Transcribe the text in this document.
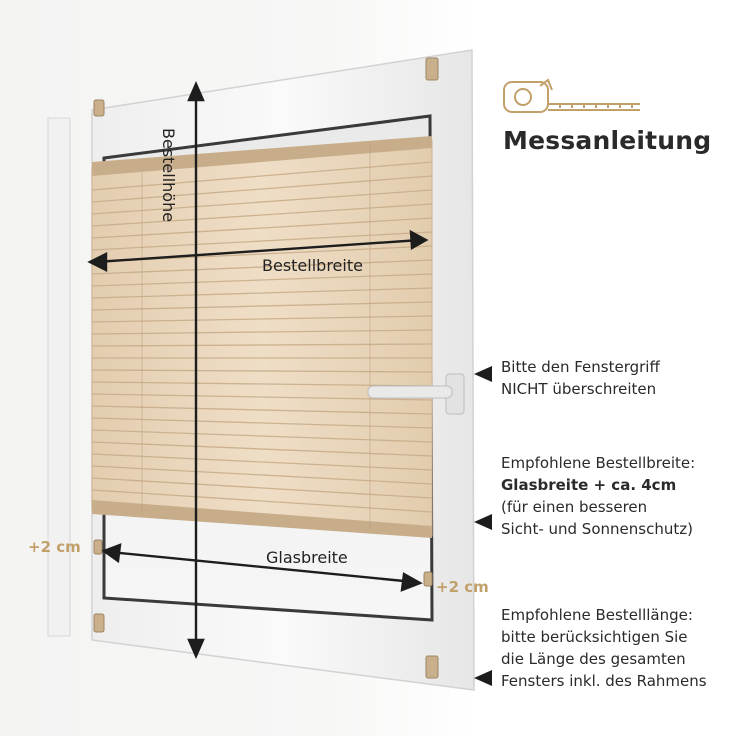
Messanleitung
Bestellhöhe
Bestellbreite
Glasbreite
+2 cm
+2 cm
Bitte den Fenstergriff
NICHT überschreiten
Empfohlene Bestellbreite:
Glasbreite + ca. 4cm
(für einen besseren
Sicht- und Sonnenschutz)
Empfohlene Bestelllänge:
bitte berücksichtigen Sie
die Länge des gesamten
Fensters inkl. des Rahmens
